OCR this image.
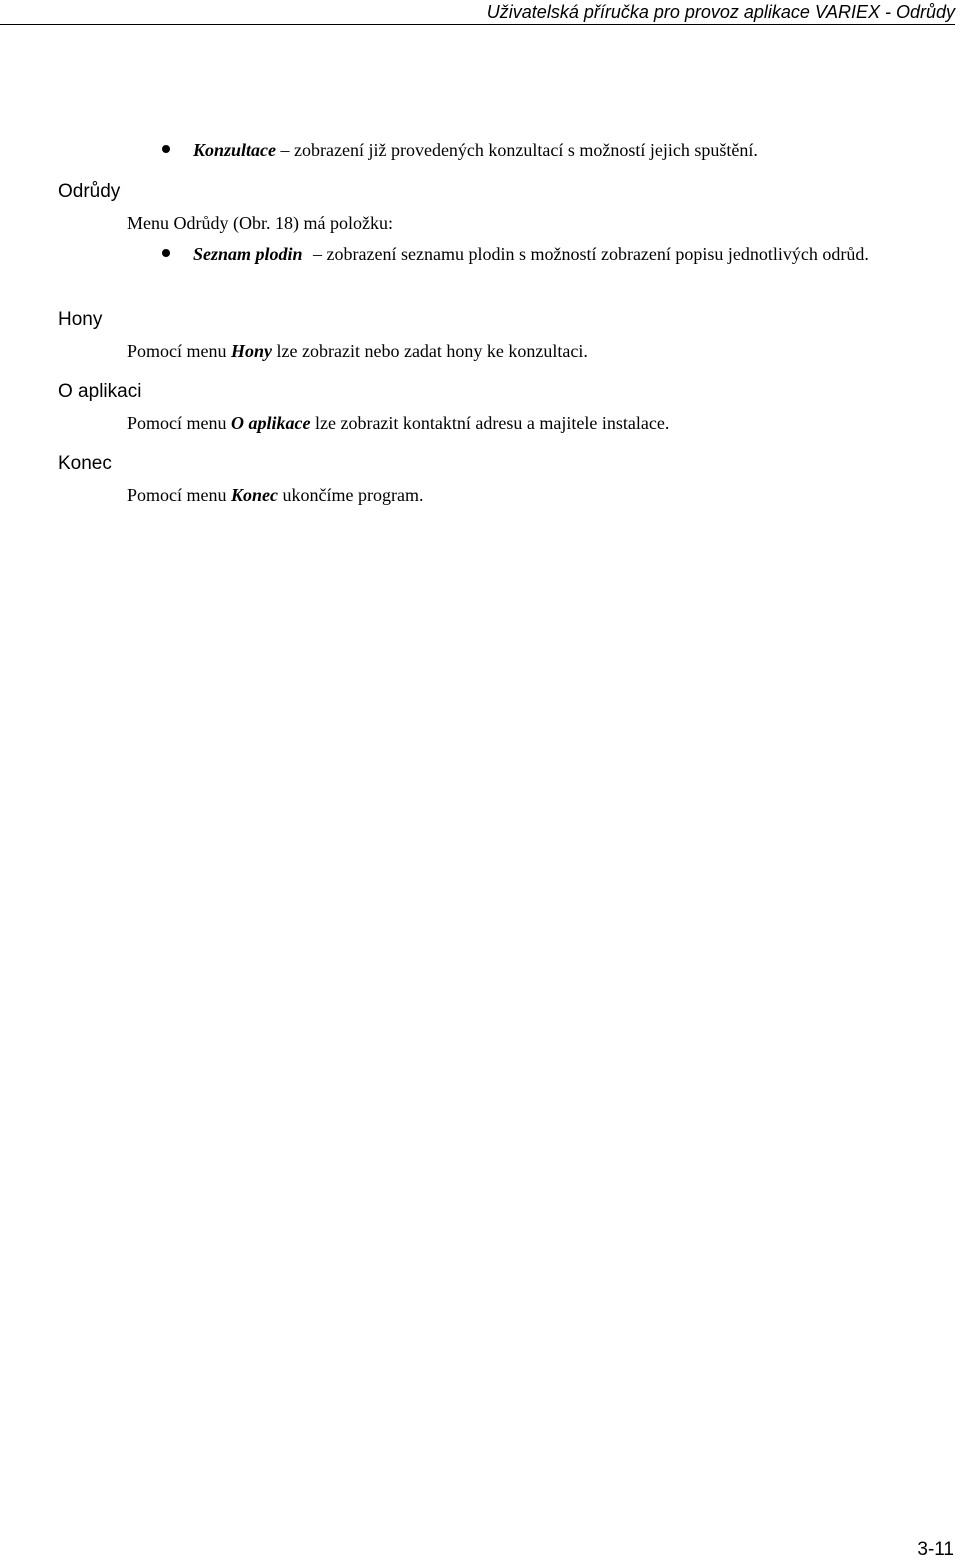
Uživatelská příručka pro provoz aplikace VARIEX - Odrůdy
Konzultace – zobrazení již provedených konzultací s možností jejich spuštění.
Odrůdy
Menu Odrůdy (Obr. 18) má položku:
Seznam plodin – zobrazení seznamu plodin s možností zobrazení popisu jednotlivých odrůd.
Hony
Pomocí menu Hony lze zobrazit nebo zadat hony ke konzultaci.
O aplikaci
Pomocí menu O aplikace lze zobrazit kontaktní adresu a majitele instalace.
Konec
Pomocí menu Konec ukončíme program.
3-11
